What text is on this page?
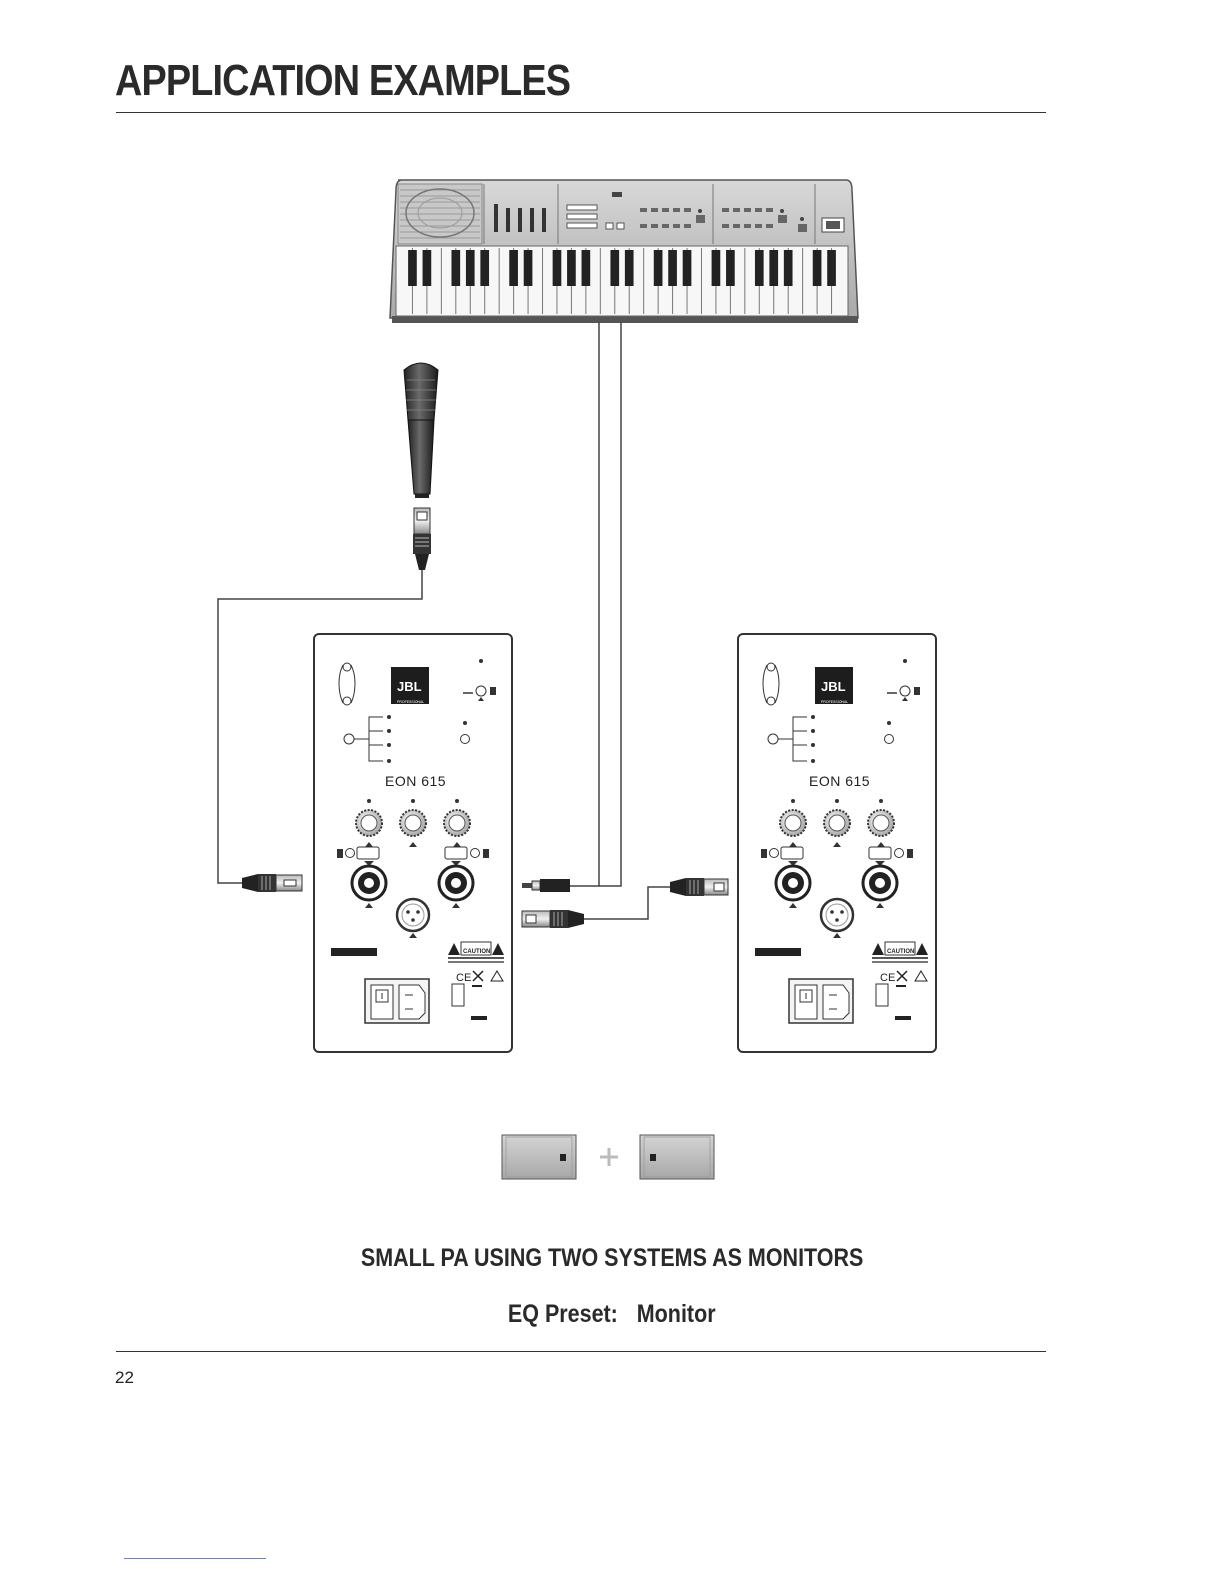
APPLICATION EXAMPLES
JBL
PROFESSIONAL
JBL
PROFESSIONAL
EON 615	EON 615
CAUTION	CAUTION
SMALL PA USING TWO SYSTEMS AS MONITORS
EQ Preset: Monitor
22
